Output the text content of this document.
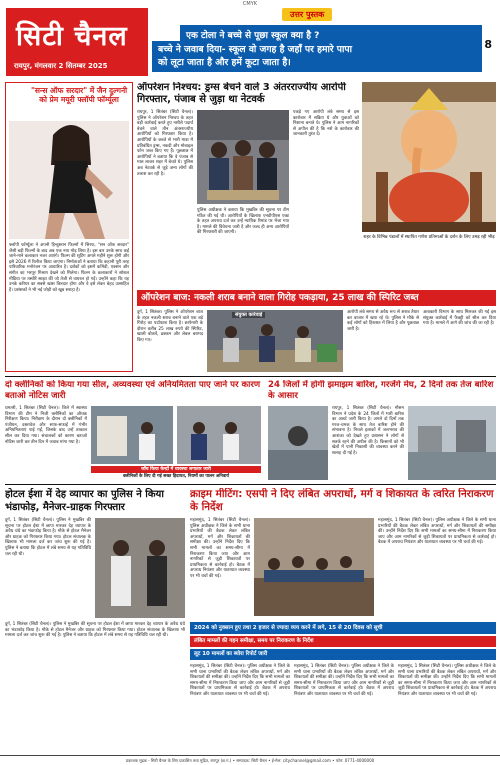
CMYK
सिटी चैनल
रायपुर, मंगलवार 2 सितम्बर 2025
उत्तर पुस्तक
एक टोला ने बच्चे से पूछा स्कूल क्या है ?
बच्चे ने जवाब दिया- स्कूल वो जगह है जहाँ पर हमारे पापा
को लूटा जाता है और हमें कूटा जाता है।
8
"सन्स ऑफ सरदार" में जैन दुल्गनी को प्रेम मयूरी फ्लॉपी फॉर्म्यूला
फ्लॉपी फॉर्म्यूला ने अपनी हिन्दुस्तान फिल्मों में सिरफ, "सन ऑफ सरदार" जैसी बड़ी फिल्मों के बाद अब एक नया मोड़ लिया है। इस बार उनके साथ कई जाने-माने कलाकार नजर आएंगे। फिल्म की शूटिंग अगले महीने शुरू होगी और इसे 2026 में रिलीज किया जाएगा। निर्माताओं ने बताया कि कहानी पूरी तरह पारिवारिक मनोरंजन पर आधारित है। दर्शकों को इसमें कॉमेडी, एक्शन और संगीत का भरपूर मिश्रण देखने को मिलेगा। फिल्म के कलाकारों ने सोशल मीडिया पर तस्वीरें साझा कीं जो तेजी से वायरल हो गईं। उन्होंने कहा कि यह उनके करियर का सबसे खास किरदार होगा और वे इसे लेकर बेहद उत्साहित हैं। प्रशंसकों ने भी नई जोड़ी को खूब सराहा है।
ऑपरेशन निश्चय: ड्रग्स बेचने वाले 3 अंतरराज्यीय आरोपी गिरफ्तार, पंजाब से जुड़ा था नेटवर्क
रायपुर, 1 सितंबर (सिटी चैनल)। पुलिस ने ऑपरेशन निश्चय के तहत बड़ी कार्रवाई करते हुए नशीले पदार्थ बेचने वाले तीन अंतरराज्यीय आरोपियों को गिरफ्तार किया है। आरोपियों के कब्जे से भारी मात्रा में प्रतिबंधित ड्रग्स, नकदी और मोबाइल फोन जब्त किए गए हैं। पूछताछ में आरोपियों ने बताया कि वे पंजाब से माल लाकर शहर में बेचते थे। पुलिस अब नेटवर्क से जुड़े अन्य लोगों की तलाश कर रही है।
पुलिस अधीक्षक ने बताया कि मुखबिर की सूचना पर टीम गठित की गई थी। आरोपियों के खिलाफ एनडीपीएस एक्ट के तहत अपराध दर्ज कर उन्हें न्यायिक रिमांड पर भेजा गया है। मामले की विवेचना जारी है और जल्द ही अन्य आरोपियों की गिरफ्तारी की जाएगी।
पकड़े गए आरोपी लंबे समय से इस कारोबार में सक्रिय थे और युवाओं को निशाना बनाते थे। पुलिस ने आम नागरिकों से अपील की है कि नशे के कारोबार की जानकारी तुरंत दें।
शहर के विभिन्न पंडालों में स्थापित गणेश प्रतिमाओं के दर्शन के लिए उमड़ रही भीड़
ऑपरेशन बाज: नकली शराब बनाने वाला गिरोह पकड़ाया, 25 लाख की स्पिरिट जब्त
दुर्ग, 1 सितंबर। पुलिस ने ऑपरेशन बाज के तहत नकली शराब बनाने वाले एक बड़े गिरोह का पर्दाफाश किया है। छापेमारी के दौरान करीब 25 लाख रुपये की स्पिरिट, खाली बोतलें, ढक्कन और लेबल बरामद किए गए।
संयुक्त कार्रवाई	आरोपी लंबे समय से अवैध रूप से शराब तैयार कर बाजार में खपा रहे थे। पुलिस ने मौके से कई लोगों को हिरासत में लिया है और पूछताछ जारी है।
आबकारी विभाग के साथ मिलकर की गई इस संयुक्त कार्रवाई में फैक्ट्री को सील कर दिया गया है। मामले में आगे की जांच की जा रही है।
दो क्लीनिकों को किया गया सील, अव्यवस्था एवं अनियमितता पाए जाने पर कारण बताओ नोटिस जारी
धमतरी, 1 सितंबर (सिटी चैनल)। जिले में स्वास्थ्य विभाग की टीम ने निजी क्लीनिकों का औचक निरीक्षण किया। निरीक्षण के दौरान दो क्लीनिकों में पंजीयन, दस्तावेज और साफ-सफाई में गंभीर अनियमितताएं पाई गईं, जिसके बाद उन्हें तत्काल सील कर दिया गया। संचालकों को कारण बताओ नोटिस जारी कर तीन दिन में जवाब मांगा गया है।
जाँच किया केन्द्रों में व्यवस्था लगातार जारी
क्लीनिकों के लिए दी गई सख्त हिदायत, नियमों का पालन अनिवार्य
24 जिलों में होगी झमाझम बारिश, गरजेंगे मेघ, 2 दिनों तक तेज बारिश के आसार
रायपुर, 1 सितंबर (सिटी चैनल)। मौसम विभाग ने प्रदेश के 24 जिलों में भारी बारिश का अलर्ट जारी किया है। अगले दो दिनों तक गरज-चमक के साथ तेज बारिश होने की संभावना है। निचले इलाकों में जलभराव की आशंका को देखते हुए प्रशासन ने लोगों से सतर्क रहने की अपील की है। किसानों को भी खेतों में पानी निकासी की व्यवस्था करने की सलाह दी गई है।
होटल ईशा में देह व्यापार का पुलिस ने किया भंडाफोड़, मैनेजर-ग्राहक गिरफ्तार
दुर्ग, 1 सितंबर (सिटी चैनल)। पुलिस ने मुखबिर की सूचना पर होटल ईशा में छापा मारकर देह व्यापार के अवैध धंधे का भंडाफोड़ किया है। मौके से होटल मैनेजर और ग्राहक को गिरफ्तार किया गया। होटल संचालक के खिलाफ भी मामला दर्ज कर जांच शुरू की गई है। पुलिस ने बताया कि होटल में लंबे समय से यह गतिविधि चल रही थी।
दुर्ग, 1 सितंबर (सिटी चैनल)। पुलिस ने मुखबिर की सूचना पर होटल ईशा में छापा मारकर देह व्यापार के अवैध धंधे का भंडाफोड़ किया है। मौके से होटल मैनेजर और ग्राहक को गिरफ्तार किया गया। होटल संचालक के खिलाफ भी मामला दर्ज कर जांच शुरू की गई है। पुलिस ने बताया कि होटल में लंबे समय से यह गतिविधि चल रही थी।
क्राइम मीटिंग: एसपी ने दिए लंबित अपराधों, मर्ग व शिकायत के त्वरित निराकरण के निर्देश
महासमुंद, 1 सितंबर (सिटी चैनल)। पुलिस अधीक्षक ने जिले के सभी थाना प्रभारियों की बैठक लेकर लंबित अपराधों, मर्ग और शिकायतों की समीक्षा की। उन्होंने निर्देश दिए कि सभी मामलों का समय-सीमा में निराकरण किया जाए और आम नागरिकों से जुड़ी शिकायतों पर प्राथमिकता से कार्रवाई हो। बैठक में अपराध नियंत्रण और यातायात व्यवस्था पर भी चर्चा की गई।
महासमुंद, 1 सितंबर (सिटी चैनल)। पुलिस अधीक्षक ने जिले के सभी थाना प्रभारियों की बैठक लेकर लंबित अपराधों, मर्ग और शिकायतों की समीक्षा की। उन्होंने निर्देश दिए कि सभी मामलों का समय-सीमा में निराकरण किया जाए और आम नागरिकों से जुड़ी शिकायतों पर प्राथमिकता से कार्रवाई हो। बैठक में अपराध नियंत्रण और यातायात व्यवस्था पर भी चर्चा की गई।
2024 को नुक्सान हुए तथा 2 हजार से ज्यादा व्यय करने में लगे, 15 से 20 दिवस को सूची
लंबित मामलों की गहन समीक्षा, समय पर निराकरण के निर्देश
लूट 10 मामलों का ब्योरा रिपोर्ट जारी
महासमुंद, 1 सितंबर (सिटी चैनल)। पुलिस अधीक्षक ने जिले के सभी थाना प्रभारियों की बैठक लेकर लंबित अपराधों, मर्ग और शिकायतों की समीक्षा की। उन्होंने निर्देश दिए कि सभी मामलों का समय-सीमा में निराकरण किया जाए और आम नागरिकों से जुड़ी शिकायतों पर प्राथमिकता से कार्रवाई हो। बैठक में अपराध नियंत्रण और यातायात व्यवस्था पर भी चर्चा की गई।
महासमुंद, 1 सितंबर (सिटी चैनल)। पुलिस अधीक्षक ने जिले के सभी थाना प्रभारियों की बैठक लेकर लंबित अपराधों, मर्ग और शिकायतों की समीक्षा की। उन्होंने निर्देश दिए कि सभी मामलों का समय-सीमा में निराकरण किया जाए और आम नागरिकों से जुड़ी शिकायतों पर प्राथमिकता से कार्रवाई हो। बैठक में अपराध नियंत्रण और यातायात व्यवस्था पर भी चर्चा की गई।
महासमुंद, 1 सितंबर (सिटी चैनल)। पुलिस अधीक्षक ने जिले के सभी थाना प्रभारियों की बैठक लेकर लंबित अपराधों, मर्ग और शिकायतों की समीक्षा की। उन्होंने निर्देश दिए कि सभी मामलों का समय-सीमा में निराकरण किया जाए और आम नागरिकों से जुड़ी शिकायतों पर प्राथमिकता से कार्रवाई हो। बैठक में अपराध नियंत्रण और यातायात व्यवस्था पर भी चर्चा की गई।
प्रकाशक मुद्रक - सिटी चैनल के लिए प्रकाशित तथा मुद्रित, रायपुर (छ.ग.) • सम्पादक: सिटी चैनल • ई-मेल: citychannel@gmail.com • फोन: 0771-4000000
